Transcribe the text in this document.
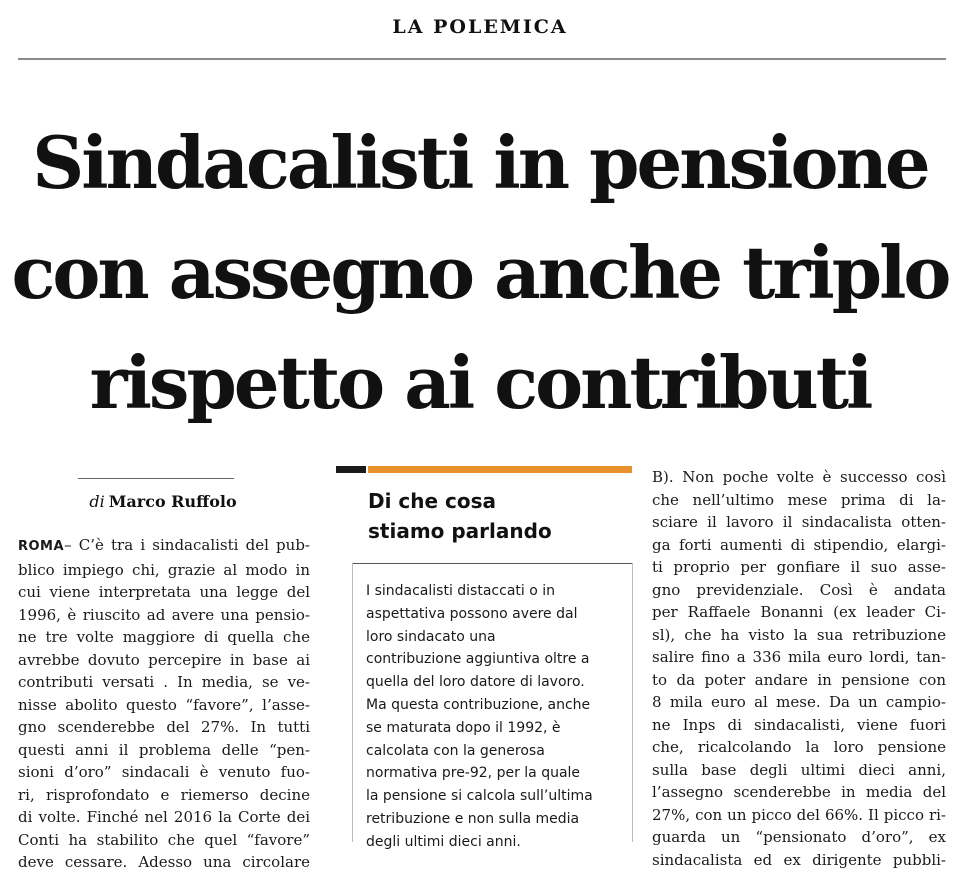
LA POLEMICA
Sindacalisti in pensione
con assegno anche triplo
rispetto ai contributi
di Marco Ruffolo
ROMA– C’è tra i sindacalisti del pub-
blico impiego chi, grazie al modo in
cui viene interpretata una legge del
1996, è riuscito ad avere una pensio-
ne tre volte maggiore di quella che
avrebbe dovuto percepire in base ai
contributi versati . In media, se ve-
nisse abolito questo “favore”, l’asse-
gno scenderebbe del 27%. In tutti
questi anni il problema delle “pen-
sioni d’oro” sindacali è venuto fuo-
ri, risprofondato e riemerso decine
di volte. Finché nel 2016 la Corte dei
Conti ha stabilito che quel “favore”
deve cessare. Adesso una circolare
Di che cosa
stiamo parlando
I sindacalisti distaccati o in
aspettativa possono avere dal
loro sindacato una
contribuzione aggiuntiva oltre a
quella del loro datore di lavoro.
Ma questa contribuzione, anche
se maturata dopo il 1992, è
calcolata con la generosa
normativa pre-92, per la quale
la pensione si calcola sull’ultima
retribuzione e non sulla media
degli ultimi dieci anni.
B). Non poche volte è successo così
che nell’ultimo mese prima di la-
sciare il lavoro il sindacalista otten-
ga forti aumenti di stipendio, elargi-
ti proprio per gonfiare il suo asse-
gno previdenziale. Così è andata
per Raffaele Bonanni (ex leader Ci-
sl), che ha visto la sua retribuzione
salire fino a 336 mila euro lordi, tan-
to da poter andare in pensione con
8 mila euro al mese. Da un campio-
ne Inps di sindacalisti, viene fuori
che, ricalcolando la loro pensione
sulla base degli ultimi dieci anni,
l’assegno scenderebbe in media del
27%, con un picco del 66%. Il picco ri-
guarda un “pensionato d’oro”, ex
sindacalista ed ex dirigente pubbli-
